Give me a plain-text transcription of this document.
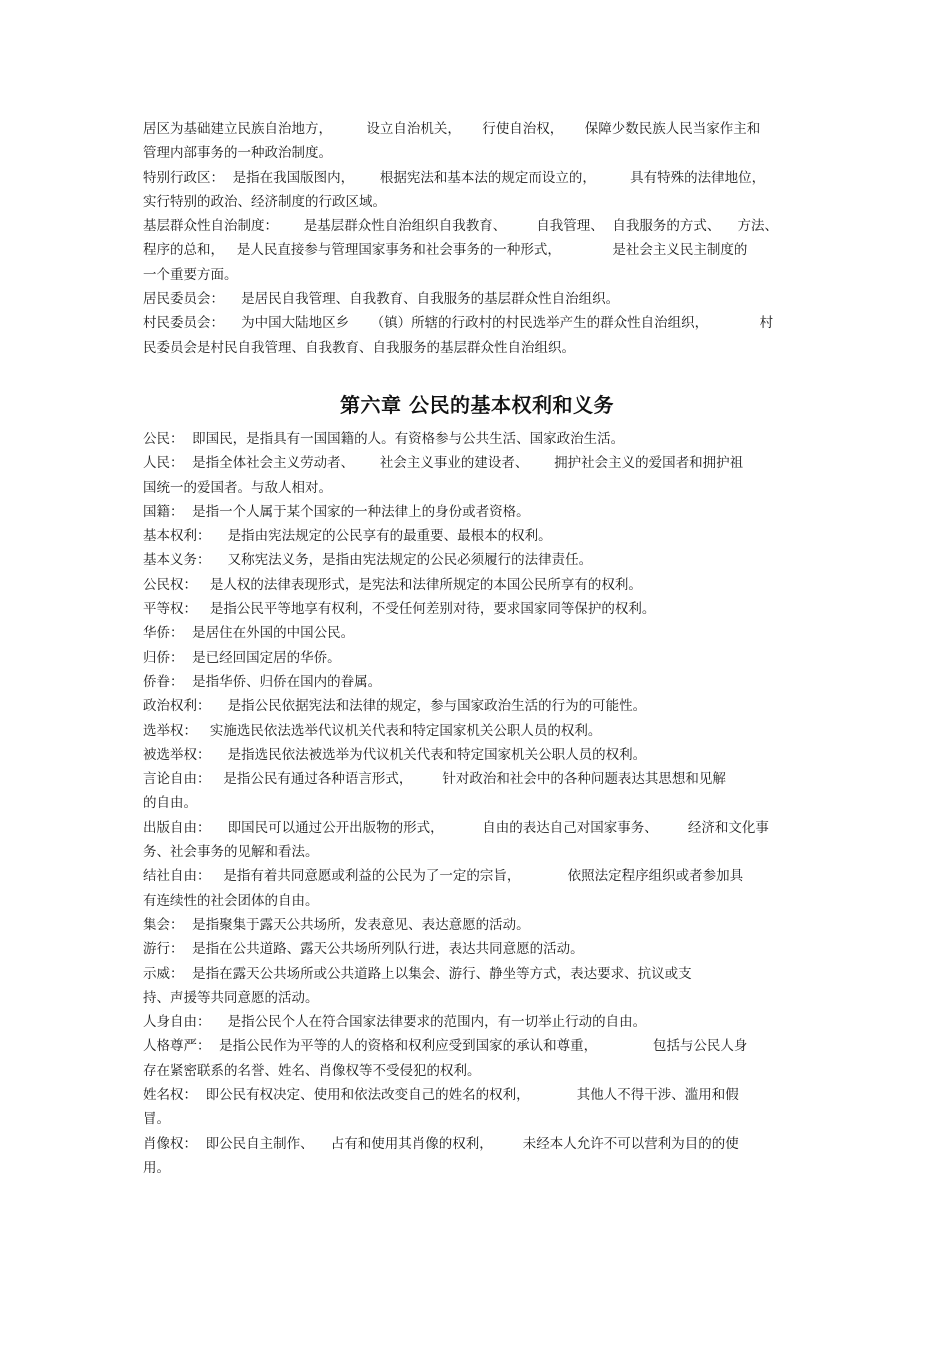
居区为基础建立民族自治地方，        设立自治机关，     行使自治权，     保障少数民族人民当家作主和
管理内部事务的一种政治制度。

特别行政区：  是指在我国版图内，      根据宪法和基本法的规定而设立的，        具有特殊的法律地位，
实行特别的政治、经济制度的行政区域。

基层群众性自治制度：      是基层群众性自治组织自我教育、       自我管理、  自我服务的方式、    方法、
程序的总和，   是人民直接参与管理国家事务和社会事务的一种形式，            是社会主义民主制度的
一个重要方面。

居民委员会：    是居民自我管理、自我教育、自我服务的基层群众性自治组织。

村民委员会：    为中国大陆地区乡     （镇）所辖的行政村的村民选举产生的群众性自治组织，            村
民委员会是村民自我管理、自我教育、自我服务的基层群众性自治组织。

第六章 公民的基本权利和义务

公民：  即国民，是指具有一国国籍的人。有资格参与公共生活、国家政治生活。

人民：  是指全体社会主义劳动者、      社会主义事业的建设者、      拥护社会主义的爱国者和拥护祖
国统一的爱国者。与敌人相对。

国籍：  是指一个人属于某个国家的一种法律上的身份或者资格。

基本权利：    是指由宪法规定的公民享有的最重要、最根本的权利。

基本义务：    又称宪法义务，是指由宪法规定的公民必须履行的法律责任。

公民权：   是人权的法律表现形式，是宪法和法律所规定的本国公民所享有的权利。

平等权：   是指公民平等地享有权利，不受任何差别对待，要求国家同等保护的权利。

华侨：  是居住在外国的中国公民。

归侨：  是已经回国定居的华侨。

侨眷：  是指华侨、归侨在国内的眷属。

政治权利：    是指公民依据宪法和法律的规定，参与国家政治生活的行为的可能性。

选举权：   实施选民依法选举代议机关代表和特定国家机关公职人员的权利。

被选举权：    是指选民依法被选举为代议机关代表和特定国家机关公职人员的权利。

言论自由：   是指公民有通过各种语言形式，       针对政治和社会中的各种问题表达其思想和见解
的自由。

出版自由：    即国民可以通过公开出版物的形式，         自由的表达自己对国家事务、       经济和文化事
务、社会事务的见解和看法。

结社自由：   是指有着共同意愿或利益的公民为了一定的宗旨，           依照法定程序组织或者参加具
有连续性的社会团体的自由。

集会：  是指聚集于露天公共场所，发表意见、表达意愿的活动。

游行：  是指在公共道路、露天公共场所列队行进，表达共同意愿的活动。

示威：  是指在露天公共场所或公共道路上以集会、游行、静坐等方式，表达要求、抗议或支
持、声援等共同意愿的活动。

人身自由：    是指公民个人在符合国家法律要求的范围内，有一切举止行动的自由。

人格尊严：  是指公民作为平等的人的资格和权利应受到国家的承认和尊重，             包括与公民人身
存在紧密联系的名誉、姓名、肖像权等不受侵犯的权利。

姓名权：  即公民有权决定、使用和依法改变自己的姓名的权利，           其他人不得干涉、滥用和假
冒。

肖像权：  即公民自主制作、    占有和使用其肖像的权利，       未经本人允许不可以营利为目的的使
用。
